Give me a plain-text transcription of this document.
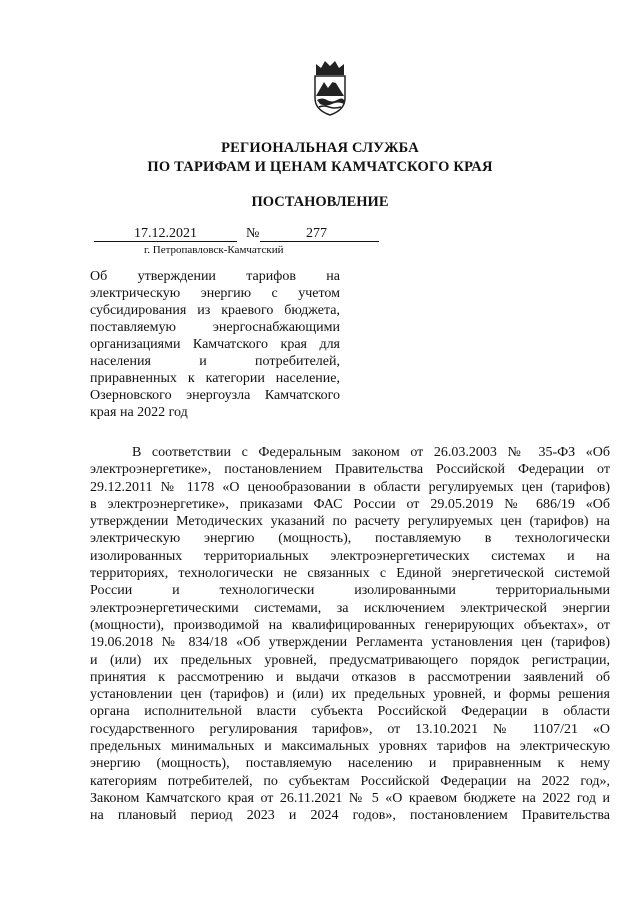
РЕГИОНАЛЬНАЯ СЛУЖБА
ПО ТАРИФАМ И ЦЕНАМ КАМЧАТСКОГО КРАЯ
ПОСТАНОВЛЕНИЕ
17.12.2021	№	277
г. Петропавловск-Камчатский
Об утверждении тарифов на
электрическую энергию с учетом
субсидирования из краевого бюджета,
поставляемую энергоснабжающими
организациями Камчатского края для
населения и потребителей,
приравненных к категории население,
Озерновского энергоузла Камчатского
края на 2022 год
В соответствии с Федеральным законом от 26.03.2003 № 35-ФЗ «Об
электроэнергетике», постановлением Правительства Российской Федерации от
29.12.2011 № 1178 «О ценообразовании в области регулируемых цен (тарифов)
в электроэнергетике», приказами ФАС России от 29.05.2019 № 686/19 «Об
утверждении Методических указаний по расчету регулируемых цен (тарифов) на
электрическую энергию (мощность), поставляемую в технологически
изолированных территориальных электроэнергетических системах и на
территориях, технологически не связанных с Единой энергетической системой
России и технологически изолированными территориальными
электроэнергетическими системами, за исключением электрической энергии
(мощности), производимой на квалифицированных генерирующих объектах», от
19.06.2018 № 834/18 «Об утверждении Регламента установления цен (тарифов)
и (или) их предельных уровней, предусматривающего порядок регистрации,
принятия к рассмотрению и выдачи отказов в рассмотрении заявлений об
установлении цен (тарифов) и (или) их предельных уровней, и формы решения
органа исполнительной власти субъекта Российской Федерации в области
государственного регулирования тарифов», от 13.10.2021 № 1107/21 «О
предельных минимальных и максимальных уровнях тарифов на электрическую
энергию (мощность), поставляемую населению и приравненным к нему
категориям потребителей, по субъектам Российской Федерации на 2022 год»,
Законом Камчатского края от 26.11.2021 № 5 «О краевом бюджете на 2022 год и
на плановый период 2023 и 2024 годов», постановлением Правительства
